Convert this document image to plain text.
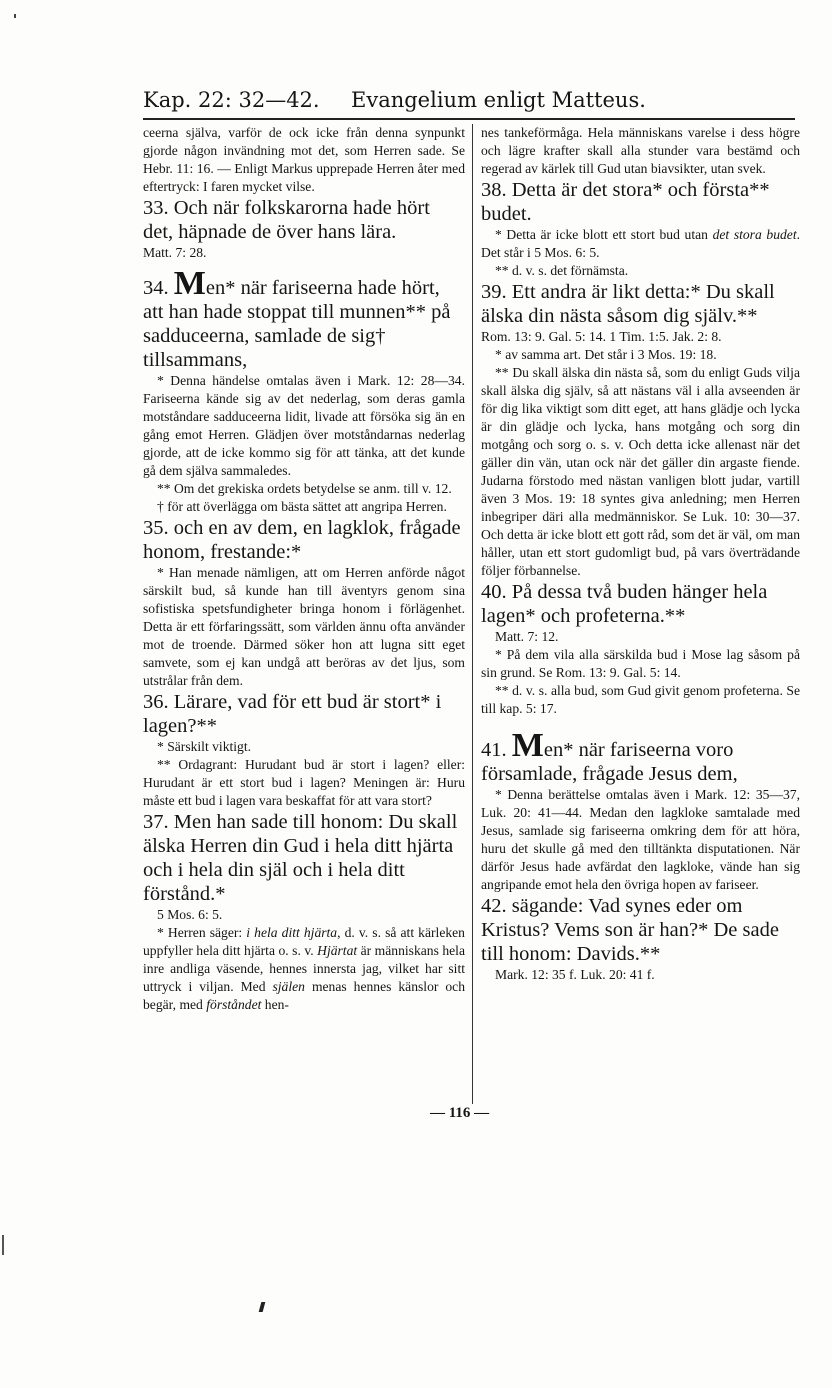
Kap. 22: 32—42. Evangelium enligt Matteus.

ceerna själva, varför de ock icke från denna synpunkt gjorde någon invändning mot det, som Herren sade. Se Hebr. 11: 16. — Enligt Markus upprepade Herren åter med eftertryck: I faren mycket vilse.

33. Och när folkskarorna hade hört det, häpnade de över hans lära.

Matt. 7: 28.

34. Men* när fariseerna hade hört, att han hade stoppat till munnen** på sadduceerna, samlade de sig† tillsammans,

* Denna händelse omtalas även i Mark. 12: 28—34. Fariseerna kände sig av det nederlag, som deras gamla motståndare sadduceerna lidit, livade att försöka sig än en gång emot Herren. Glädjen över motståndarnas nederlag gjorde, att de icke kommo sig för att tänka, att det kunde gå dem själva sammaledes.

** Om det grekiska ordets betydelse se anm. till v. 12.

† för att överlägga om bästa sättet att angripa Herren.

35. och en av dem, en lagklok, frågade honom, frestande:*

* Han menade nämligen, att om Herren anförde något särskilt bud, så kunde han till äventyrs genom sina sofistiska spetsfundigheter bringa honom i förlägenhet. Detta är ett förfaringssätt, som världen ännu ofta använder mot de troende. Därmed söker hon att lugna sitt eget samvete, som ej kan undgå att beröras av det ljus, som utstrålar från dem.

36. Lärare, vad för ett bud är stort* i lagen?**

* Särskilt viktigt.

** Ordagrant: Hurudant bud är stort i lagen? eller: Hurudant är ett stort bud i lagen? Meningen är: Huru måste ett bud i lagen vara beskaffat för att vara stort?

37. Men han sade till honom: Du skall älska Herren din Gud i hela ditt hjärta och i hela din själ och i hela ditt förstånd.*

5 Mos. 6: 5.

* Herren säger: i hela ditt hjärta, d. v. s. så att kärleken uppfyller hela ditt hjärta o. s. v. Hjärtat är människans hela inre andliga väsende, hennes innersta jag, vilket har sitt uttryck i viljan. Med själen menas hennes känslor och begär, med förståndet hen-

nes tankeförmåga. Hela människans varelse i dess högre och lägre krafter skall alla stunder vara bestämd och regerad av kärlek till Gud utan biavsikter, utan svek.

38. Detta är det stora* och första** budet.

* Detta är icke blott ett stort bud utan det stora budet. Det står i 5 Mos. 6: 5.

** d. v. s. det förnämsta.

39. Ett andra är likt detta:* Du skall älska din nästa såsom dig själv.**

Rom. 13: 9. Gal. 5: 14. 1 Tim. 1:5. Jak. 2: 8.

* av samma art. Det står i 3 Mos. 19: 18.

** Du skall älska din nästa så, som du enligt Guds vilja skall älska dig själv, så att nästans väl i alla avseenden är för dig lika viktigt som ditt eget, att hans glädje och lycka är din glädje och lycka, hans motgång och sorg din motgång och sorg o. s. v. Och detta icke allenast när det gäller din vän, utan ock när det gäller din argaste fiende. Judarna förstodo med nästan vanligen blott judar, vartill även 3 Mos. 19: 18 syntes giva anledning; men Herren inbegriper däri alla medmänniskor. Se Luk. 10: 30—37. Och detta är icke blott ett gott råd, som det är väl, om man håller, utan ett stort gudomligt bud, på vars överträdande följer förbannelse.

40. På dessa två buden hänger hela lagen* och profeterna.**

Matt. 7: 12.

* På dem vila alla särskilda bud i Mose lag såsom på sin grund. Se Rom. 13: 9. Gal. 5: 14.

** d. v. s. alla bud, som Gud givit genom profeterna. Se till kap. 5: 17.

41. Men* när fariseerna voro församlade, frågade Jesus dem,

* Denna berättelse omtalas även i Mark. 12: 35—37, Luk. 20: 41—44. Medan den lagkloke samtalade med Jesus, samlade sig fariseerna omkring dem för att höra, huru det skulle gå med den tilltänkta disputationen. När därför Jesus hade avfärdat den lagkloke, vände han sig angripande emot hela den övriga hopen av fariseer.

42. sägande: Vad synes eder om Kristus? Vems son är han?* De sade till honom: Davids.**

Mark. 12: 35 f. Luk. 20: 41 f.

— 116 —
